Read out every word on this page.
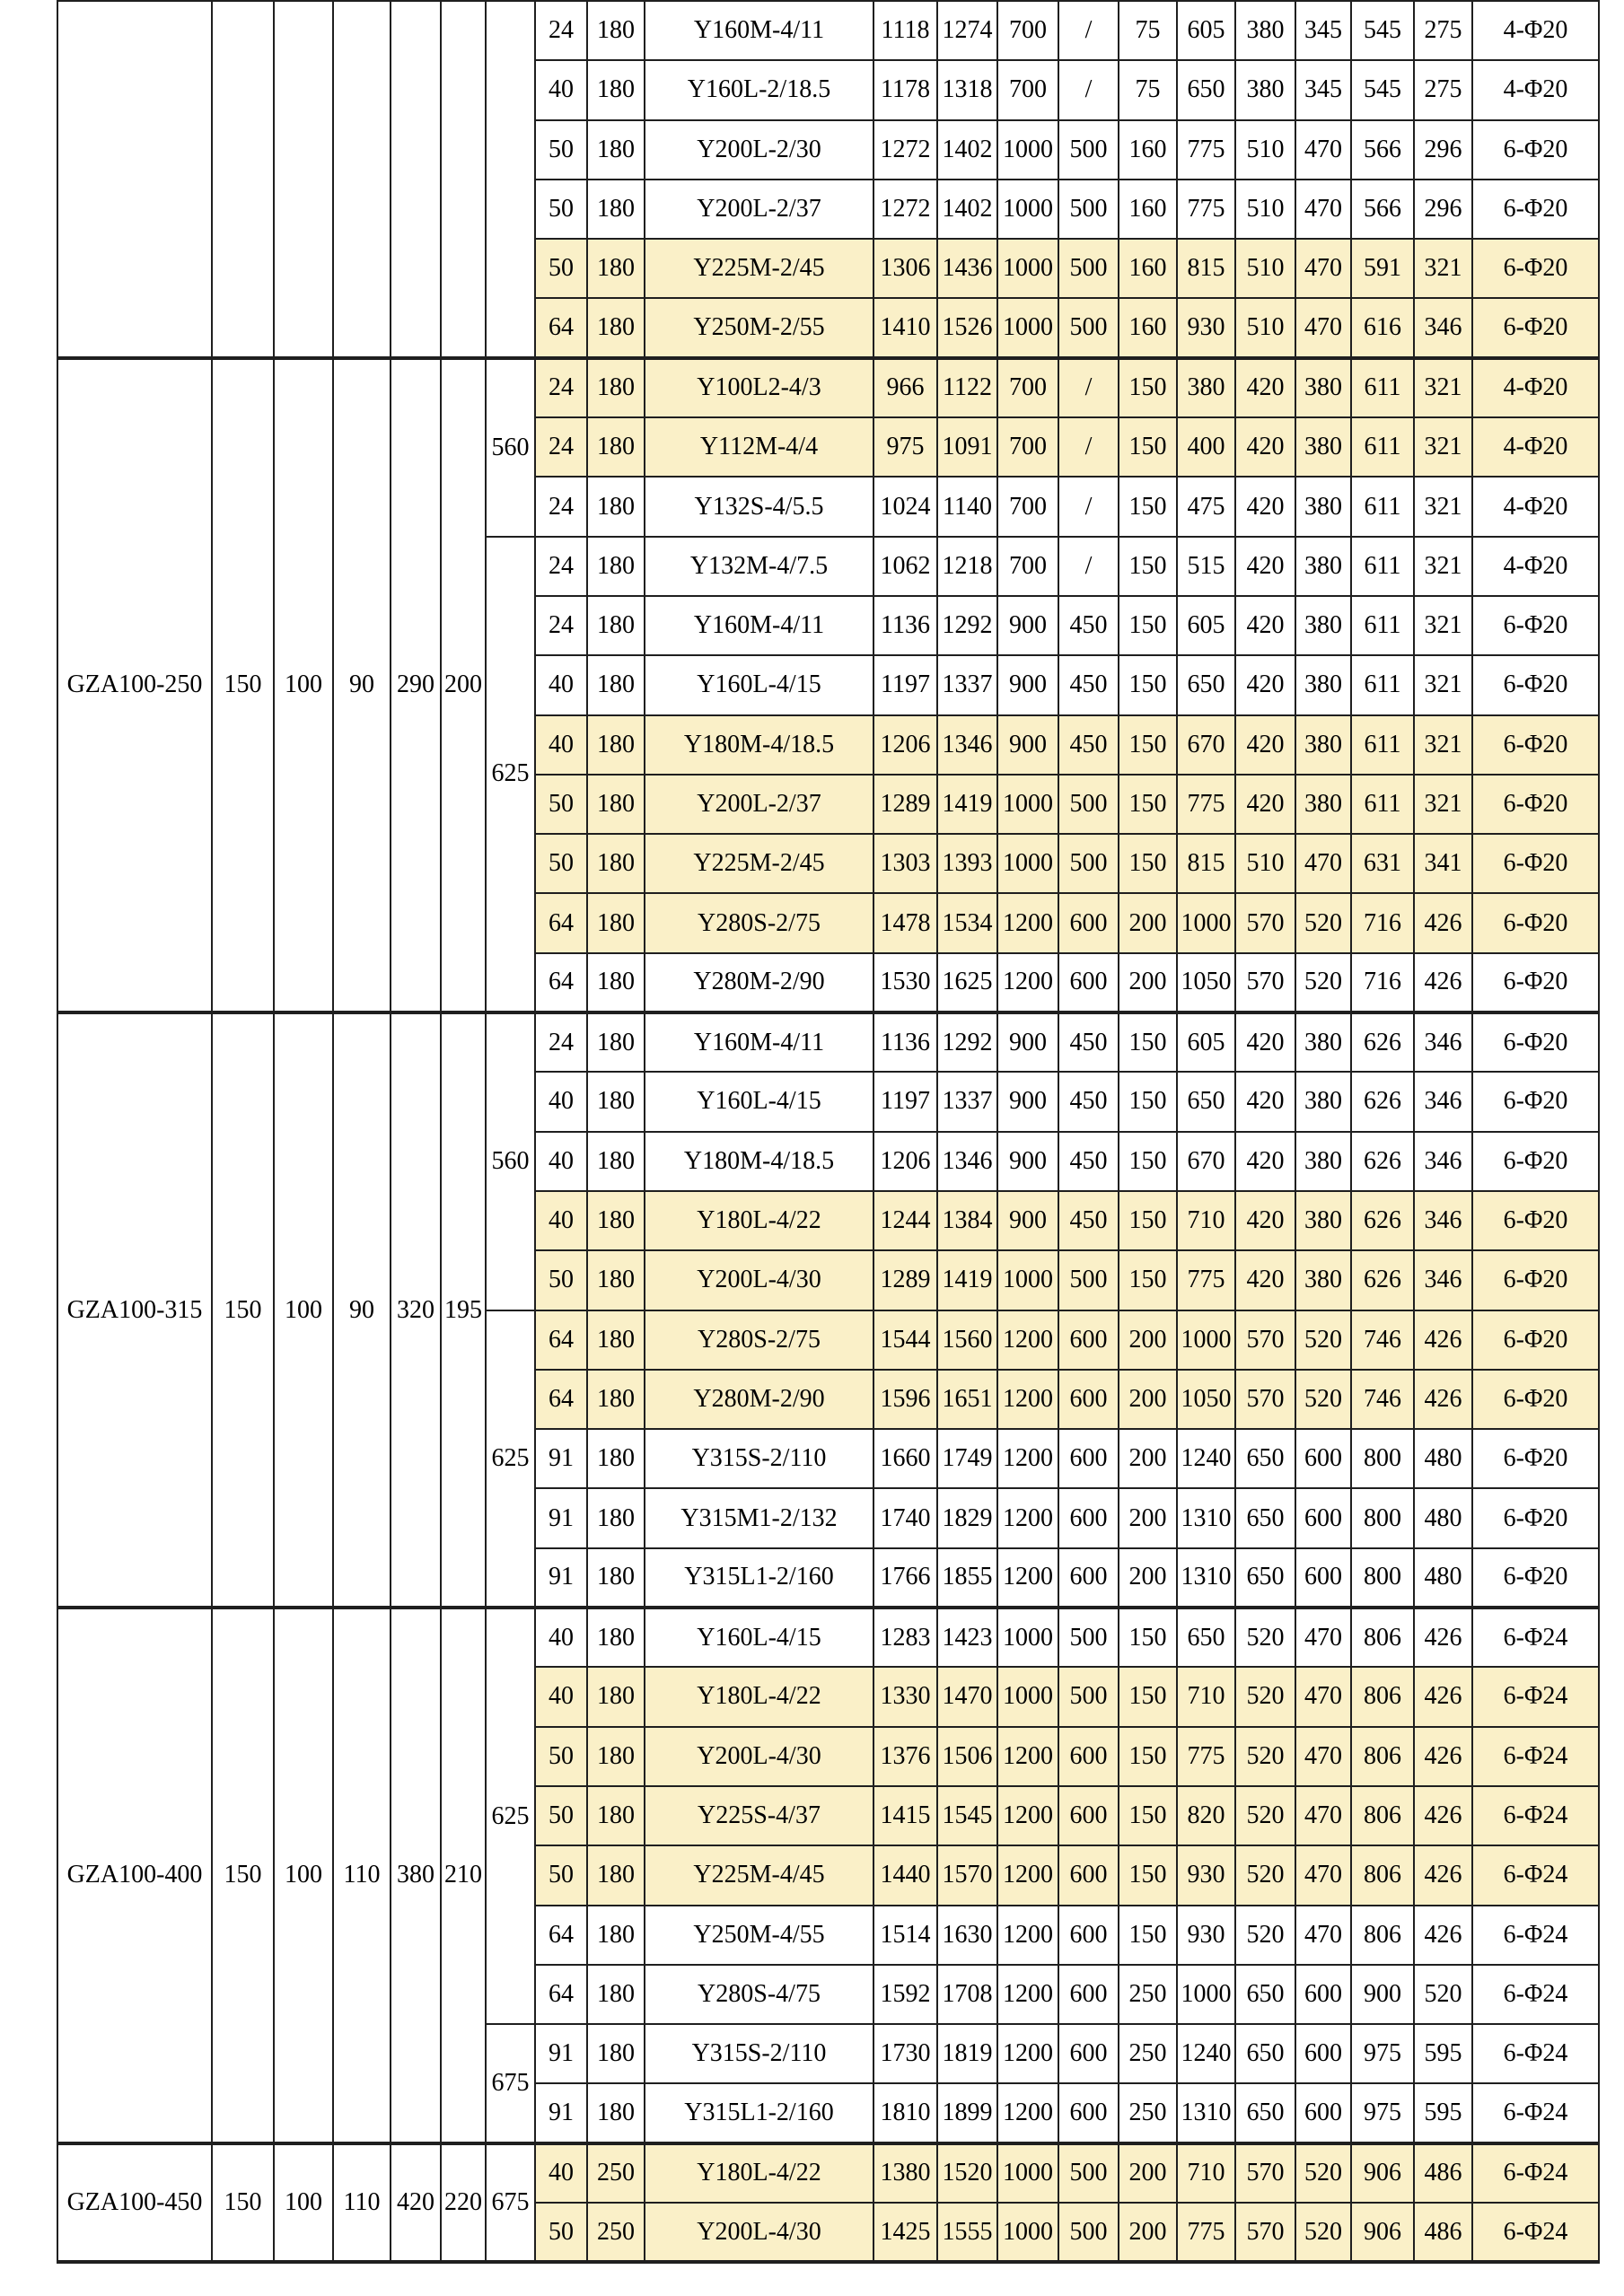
							24	180	Y160M-4/11	1118	1274	700	/	75	605	380	345	545	275	4-Φ20
							40	180	Y160L-2/18.5	1178	1318	700	/	75	650	380	345	545	275	4-Φ20
							50	180	Y200L-2/30	1272	1402	1000	500	160	775	510	470	566	296	6-Φ20
							50	180	Y200L-2/37	1272	1402	1000	500	160	775	510	470	566	296	6-Φ20
							50	180	Y225M-2/45	1306	1436	1000	500	160	815	510	470	591	321	6-Φ20
							64	180	Y250M-2/55	1410	1526	1000	500	160	930	510	470	616	346	6-Φ20
GZA100-250	150	100	90	290	200	560	24	180	Y100L2-4/3	966	1122	700	/	150	380	420	380	611	321	4-Φ20
							24	180	Y112M-4/4	975	1091	700	/	150	400	420	380	611	321	4-Φ20
							24	180	Y132S-4/5.5	1024	1140	700	/	150	475	420	380	611	321	4-Φ20
						625	24	180	Y132M-4/7.5	1062	1218	700	/	150	515	420	380	611	321	4-Φ20
							24	180	Y160M-4/11	1136	1292	900	450	150	605	420	380	611	321	6-Φ20
							40	180	Y160L-4/15	1197	1337	900	450	150	650	420	380	611	321	6-Φ20
							40	180	Y180M-4/18.5	1206	1346	900	450	150	670	420	380	611	321	6-Φ20
							50	180	Y200L-2/37	1289	1419	1000	500	150	775	420	380	611	321	6-Φ20
							50	180	Y225M-2/45	1303	1393	1000	500	150	815	510	470	631	341	6-Φ20
							64	180	Y280S-2/75	1478	1534	1200	600	200	1000	570	520	716	426	6-Φ20
							64	180	Y280M-2/90	1530	1625	1200	600	200	1050	570	520	716	426	6-Φ20
GZA100-315	150	100	90	320	195	560	24	180	Y160M-4/11	1136	1292	900	450	150	605	420	380	626	346	6-Φ20
							40	180	Y160L-4/15	1197	1337	900	450	150	650	420	380	626	346	6-Φ20
							40	180	Y180M-4/18.5	1206	1346	900	450	150	670	420	380	626	346	6-Φ20
							40	180	Y180L-4/22	1244	1384	900	450	150	710	420	380	626	346	6-Φ20
							50	180	Y200L-4/30	1289	1419	1000	500	150	775	420	380	626	346	6-Φ20
						625	64	180	Y280S-2/75	1544	1560	1200	600	200	1000	570	520	746	426	6-Φ20
							64	180	Y280M-2/90	1596	1651	1200	600	200	1050	570	520	746	426	6-Φ20
							91	180	Y315S-2/110	1660	1749	1200	600	200	1240	650	600	800	480	6-Φ20
							91	180	Y315M1-2/132	1740	1829	1200	600	200	1310	650	600	800	480	6-Φ20
							91	180	Y315L1-2/160	1766	1855	1200	600	200	1310	650	600	800	480	6-Φ20
GZA100-400	150	100	110	380	210	625	40	180	Y160L-4/15	1283	1423	1000	500	150	650	520	470	806	426	6-Φ24
							40	180	Y180L-4/22	1330	1470	1000	500	150	710	520	470	806	426	6-Φ24
							50	180	Y200L-4/30	1376	1506	1200	600	150	775	520	470	806	426	6-Φ24
							50	180	Y225S-4/37	1415	1545	1200	600	150	820	520	470	806	426	6-Φ24
							50	180	Y225M-4/45	1440	1570	1200	600	150	930	520	470	806	426	6-Φ24
							64	180	Y250M-4/55	1514	1630	1200	600	150	930	520	470	806	426	6-Φ24
							64	180	Y280S-4/75	1592	1708	1200	600	250	1000	650	600	900	520	6-Φ24
						675	91	180	Y315S-2/110	1730	1819	1200	600	250	1240	650	600	975	595	6-Φ24
							91	180	Y315L1-2/160	1810	1899	1200	600	250	1310	650	600	975	595	6-Φ24
GZA100-450	150	100	110	420	220	675	40	250	Y180L-4/22	1380	1520	1000	500	200	710	570	520	906	486	6-Φ24
							50	250	Y200L-4/30	1425	1555	1000	500	200	775	570	520	906	486	6-Φ24
